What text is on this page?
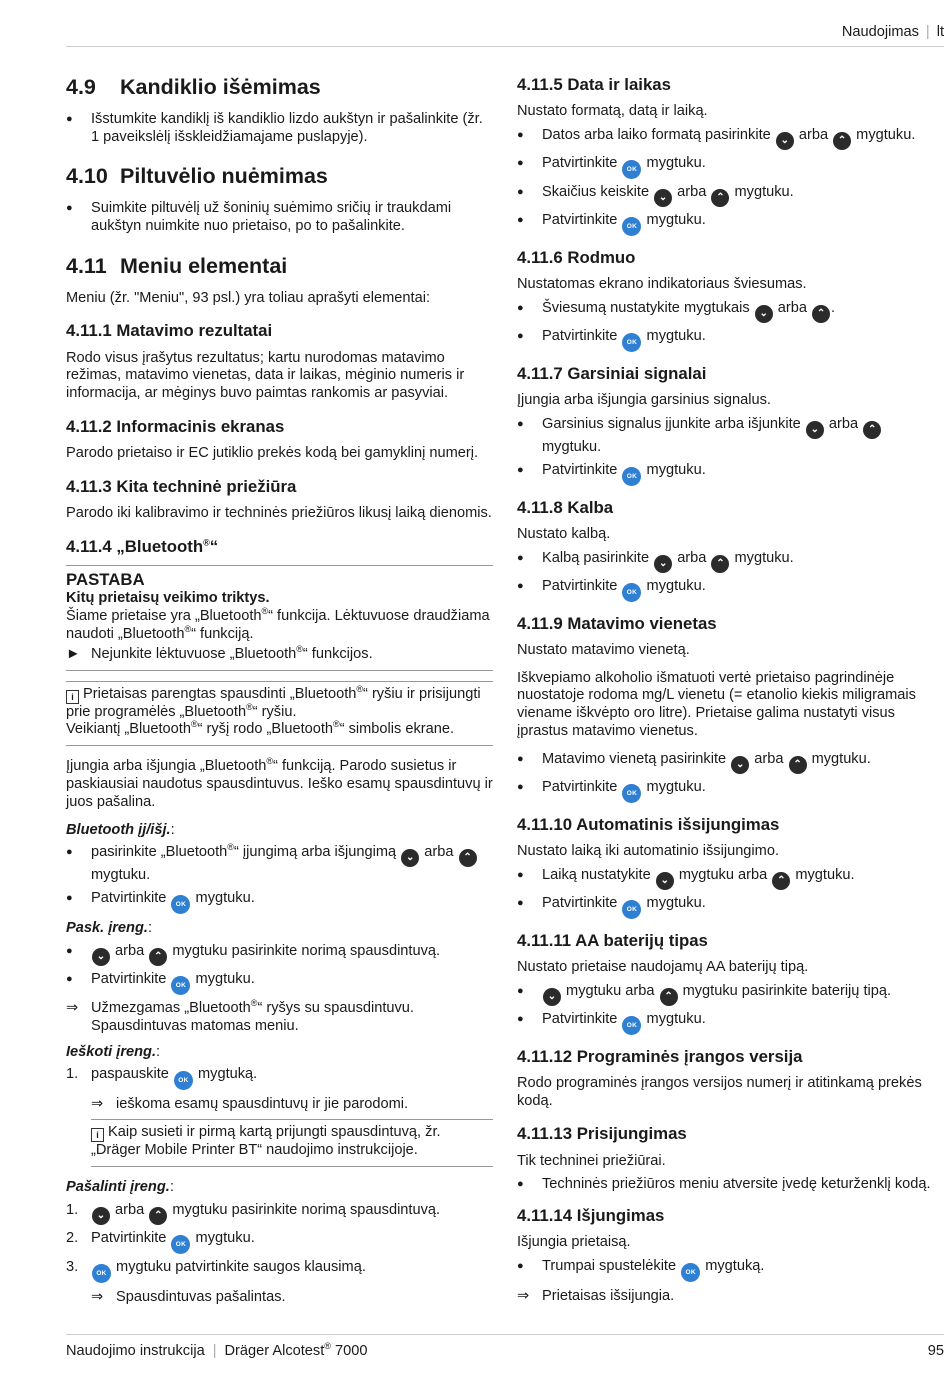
Naudojimas | lt
4.9 Kandiklio išėmimas
● Išstumkite kandiklį iš kandiklio lizdo aukštyn ir pašalinkite (žr. 1 paveikslėlį išskleidžiamajame puslapyje).
4.10 Piltuvėlio nuėmimas
● Suimkite piltuvėlį už šoninių suėmimo sričių ir traukdami aukštyn nuimkite nuo prietaiso, po to pašalinkite.
4.11 Meniu elementai

Meniu (žr. "Meniu", 93 psl.) yra toliau aprašyti elementai:

4.11.1 Matavimo rezultatai

Rodo visus įrašytus rezultatus; kartu nurodomas matavimo režimas, matavimo vienetas, data ir laikas, mėginio numeris ir informacija, ar mėginys buvo paimtas rankomis ar pasyviai.

4.11.2 Informacinis ekranas

Parodo prietaiso ir EC jutiklio prekės kodą bei gamyklinį numerį.

4.11.3 Kita techninė priežiūra

Parodo iki kalibravimo ir techninės priežiūros likusį laiką dienomis.

4.11.4 „Bluetooth®“
PASTABA
Kitų prietaisų veikimo triktys.
Šiame prietaise yra „Bluetooth®“ funkcija. Lėktuvuose draudžiama naudoti „Bluetooth®“ funkciją.
► Nejunkite lėktuvuose „Bluetooth®“ funkcijos.
i Prietaisas parengtas spausdinti „Bluetooth®“ ryšiu ir prisijungti prie programėlės „Bluetooth®“ ryšiu.
Veikiantį „Bluetooth®“ ryšį rodo „Bluetooth®“ simbolis ekrane.

Įjungia arba išjungia „Bluetooth®“ funkciją. Parodo susietus ir paskiausiai naudotus spausdintuvus. Ieško esamų spausdintuvų ir juos pašalina.

Bluetooth įj/išj.:

● pasirinkite „Bluetooth®“ įjungimą arba išjungimą ⌄ arba ⌃ mygtuku.
● Patvirtinkite OK mygtuku.

Pask. įreng.:

● ⌄ arba ⌃ mygtuku pasirinkite norimą spausdintuvą.
● Patvirtinkite OK mygtuku.
⇒ Užmezgamas „Bluetooth®“ ryšys su spausdintuvu. Spausdintuvas matomas meniu.

Ieškoti įreng.:

1. paspauskite OK mygtuką.
⇒ ieškoma esamų spausdintuvų ir jie parodomi.
i Kaip susieti ir pirmą kartą prijungti spausdintuvą, žr. „Dräger Mobile Printer BT“ naudojimo instrukcijoje.

Pašalinti įreng.:

1. ⌄ arba ⌃ mygtuku pasirinkite norimą spausdintuvą.
2. Patvirtinkite OK mygtuku.
3.	OK mygtuku patvirtinkite saugos klausimą.
⇒ Spausdintuvas pašalintas.
4.11.5 Data ir laikas

Nustato formatą, datą ir laiką.

● Datos arba laiko formatą pasirinkite ⌄ arba ⌃ mygtuku.
● Patvirtinkite OK mygtuku.
● Skaičius keiskite ⌄ arba ⌃ mygtuku.
● Patvirtinkite OK mygtuku.
4.11.6 Rodmuo

Nustatomas ekrano indikatoriaus šviesumas.

● Šviesumą nustatykite mygtukais ⌄ arba ⌃ .
● Patvirtinkite OK mygtuku.
4.11.7 Garsiniai signalai

Įjungia arba išjungia garsinius signalus.

● Garsinius signalus įjunkite arba išjunkite ⌄ arba ⌃ mygtuku.
● Patvirtinkite OK mygtuku.
4.11.8 Kalba

Nustato kalbą.

● Kalbą pasirinkite ⌄ arba ⌃ mygtuku.
● Patvirtinkite OK mygtuku.
4.11.9 Matavimo vienetas

Nustato matavimo vienetą.

Iškvepiamo alkoholio išmatuoti vertė prietaiso pagrindinėje nuostatoje rodoma mg/L vienetu (= etanolio kiekis miligramais viename iškvėpto oro litre). Prietaise galima nustatyti visus įprastus matavimo vienetus.

● Matavimo vienetą pasirinkite ⌄ arba ⌃ mygtuku.
● Patvirtinkite OK mygtuku.
4.11.10 Automatinis išsijungimas

Nustato laiką iki automatinio išsijungimo.

● Laiką nustatykite ⌄ mygtuku arba ⌃ mygtuku.
● Patvirtinkite OK mygtuku.
4.11.11 AA baterijų tipas

Nustato prietaise naudojamų AA baterijų tipą.

● ⌄ mygtuku arba ⌃ mygtuku pasirinkite baterijų tipą.
● Patvirtinkite OK mygtuku.
4.11.12 Programinės įrangos versija

Rodo programinės įrangos versijos numerį ir atitinkamą prekės kodą.

4.11.13 Prisijungimas

Tik techninei priežiūrai.

● Techninės priežiūros meniu atversite įvedę keturženklį kodą.
4.11.14 Išjungimas

Išjungia prietaisą.

● Trumpai spustelėkite OK mygtuką.
⇒ Prietaisas išsijungia.
Naudojimo instrukcija | Dräger Alcotest® 7000	95
